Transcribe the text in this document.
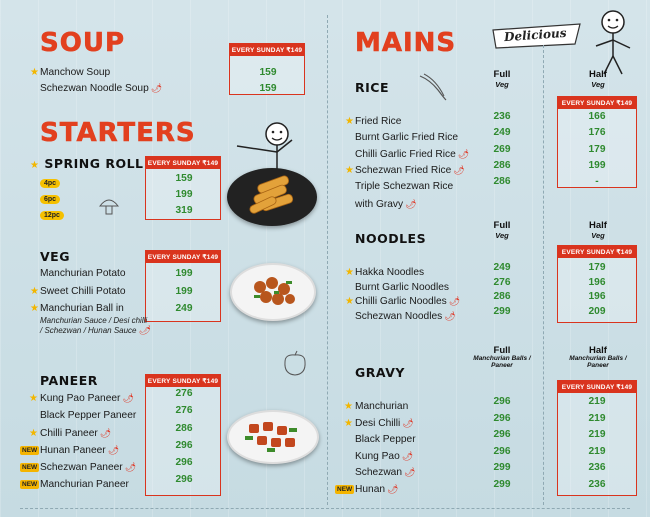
SOUP	EVERY SUNDAY ₹149
★ Manchow Soup	159
Schezwan Noodle Soup 🌶	159
STARTERS
★ SPRING ROLL EVERY SUNDAY ₹149
4pc	159
6pc	199
12pc	319
VEG	EVERY SUNDAY ₹149
Manchurian Potato	199
★ Sweet Chilli Potato	199
★ Manchurian Ball in	249
Manchurian Sauce / Desi chilli
/ Schezwan / Hunan Sauce 🌶
PANEER	EVERY SUNDAY ₹149
★ Kung Pao Paneer 🌶	276
Black Pepper Paneer	276
★ Chilli Paneer 🌶	286
NEW Hunan Paneer 🌶	296
NEW Schezwan Paneer 🌶	296
NEW Manchurian Paneer	296
MAINS	Delicious
RICE
Full
Veg
Half
Veg
EVERY SUNDAY ₹149
★ Fried Rice	236	166
Burnt Garlic Fried Rice	249	176
Chilli Garlic Fried Rice 🌶	269	179
★ Schezwan Fried Rice 🌶	286	199
Triple Schezwan Rice
with Gravy 🌶
286	-
NOODLES
Full
Veg
Half
Veg
EVERY SUNDAY ₹149
★ Hakka Noodles	249	179
Burnt Garlic Noodles	276	196
★ Chilli Garlic Noodles 🌶	286	196
Schezwan Noodles 🌶	299	209
GRAVY
Full
Manchurian Balls / Paneer
Half
Manchurian Balls / Paneer
EVERY SUNDAY ₹149
★ Manchurian	296	219
★ Desi Chilli 🌶	296	219
Black Pepper	296	219
Kung Pao 🌶	296	219
Schezwan 🌶	299	236
NEW Hunan 🌶	299	236
